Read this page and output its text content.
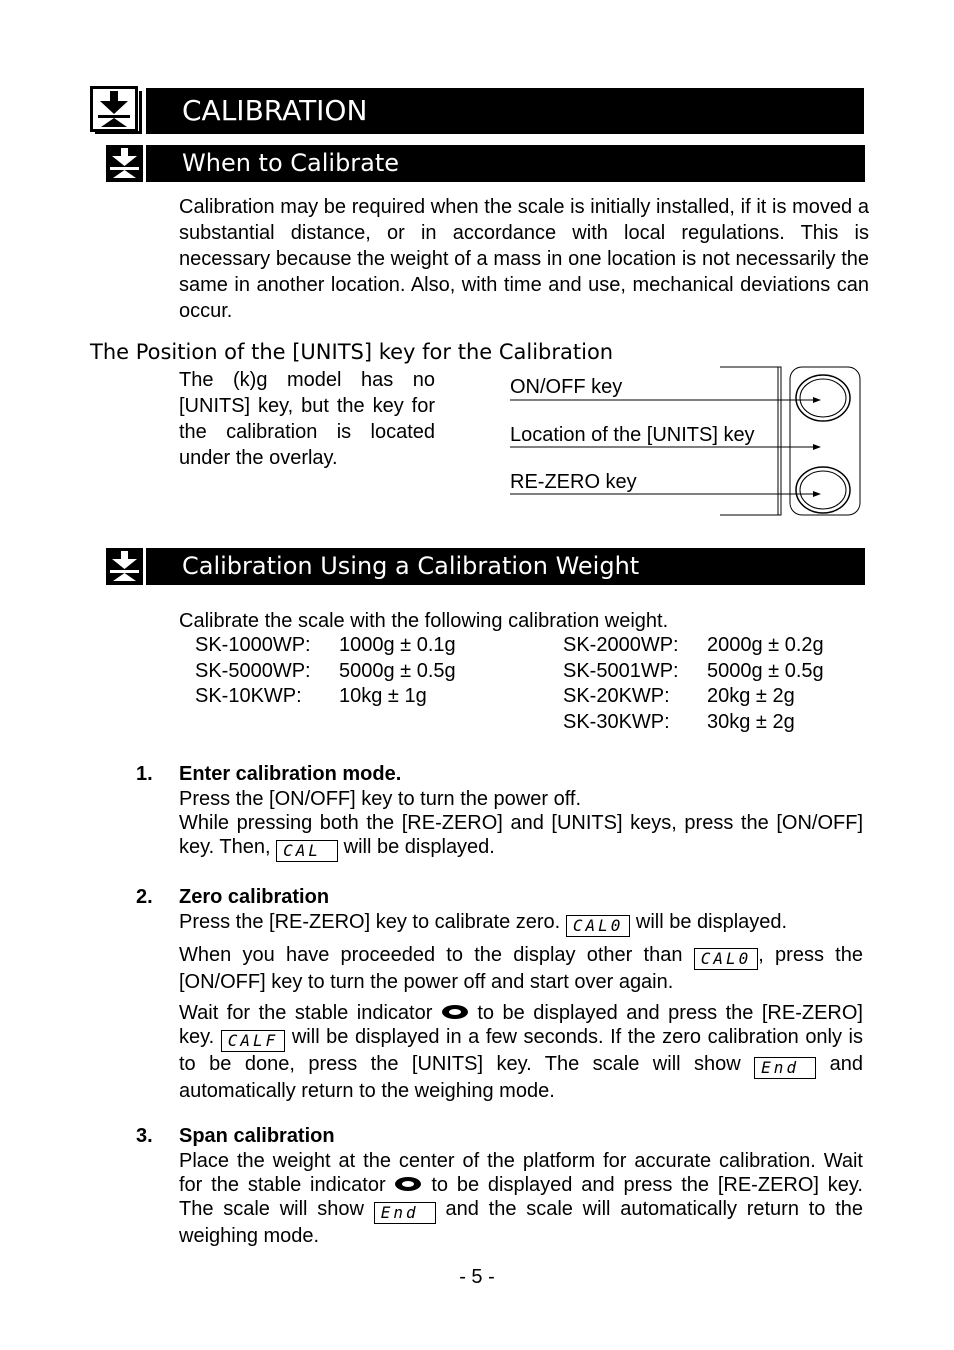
CALIBRATION
When to Calibrate
Calibration may be required when the scale is initially installed, if it is moved a substantial distance, or in accordance with local regulations. This is necessary because the weight of a mass in one location is not necessarily the same in another location. Also, with time and use, mechanical deviations can occur.
The Position of the [UNITS] key for the Calibration
The (k)g model has no [UNITS] key, but the key for the calibration is located under the overlay.
ON/OFF key
Location of the [UNITS] key
RE-ZERO key
Calibration Using a Calibration Weight
Calibrate the scale with the following calibration weight.
SK-1000WP: 1000g ± 0.1g
SK-5000WP: 5000g ± 0.5g
SK-10KWP: 10kg ± 1g
SK-2000WP: 2000g ± 0.2g
SK-5001WP: 5000g ± 0.5g
SK-20KWP: 20kg ± 2g
SK-30KWP: 30kg ± 2g
1. Enter calibration mode.
Press the [ON/OFF] key to turn the power off.
While pressing both the [RE-ZERO] and [UNITS] keys, press the [ON/OFF] key. Then, CAL will be displayed.
2. Zero calibration
Press the [RE-ZERO] key to calibrate zero. CAL0 will be displayed.
When you have proceeded to the display other than CAL0 , press the [ON/OFF] key to turn the power off and start over again.
Wait for the stable indicator to be displayed and press the [RE-ZERO] key. CALF will be displayed in a few seconds. If the zero calibration only is to be done, press the [UNITS] key. The scale will show End and automatically return to the weighing mode.
3. Span calibration
Place the weight at the center of the platform for accurate calibration. Wait for the stable indicator to be displayed and press the [RE-ZERO] key. The scale will show End and the scale will automatically return to the weighing mode.
- 5 -
